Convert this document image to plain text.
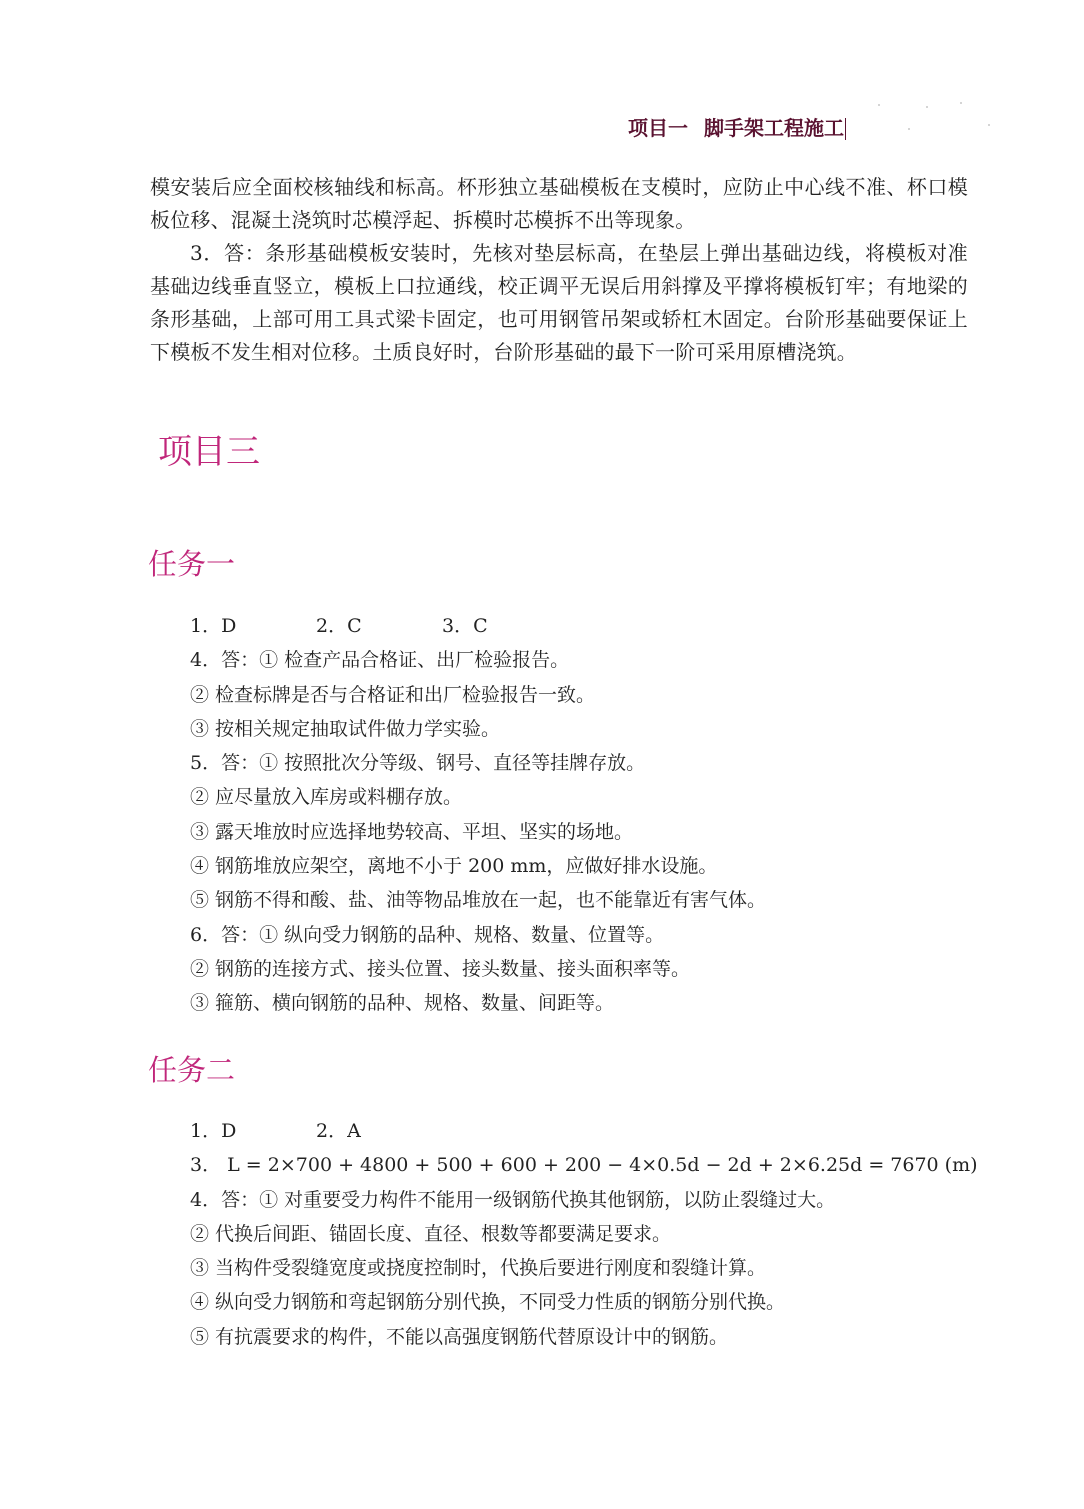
项目一 脚手架工程施工

模安装后应全面校核轴线和标高。杯形独立基础模板在支模时，应防止中心线不准、杯口模板位移、混凝土浇筑时芯模浮起、拆模时芯模拆不出等现象。

3．答：条形基础模板安装时，先核对垫层标高，在垫层上弹出基础边线，将模板对准基础边线垂直竖立，模板上口拉通线，校正调平无误后用斜撑及平撑将模板钉牢；有地梁的条形基础，上部可用工具式梁卡固定，也可用钢管吊架或轿杠木固定。台阶形基础要保证上下模板不发生相对位移。土质良好时，台阶形基础的最下一阶可采用原槽浇筑。

项目三
任务一
1．D	2．C	3．C
4．答：① 检查产品合格证、出厂检验报告。
② 检查标牌是否与合格证和出厂检验报告一致。
③ 按相关规定抽取试件做力学实验。
5．答：① 按照批次分等级、钢号、直径等挂牌存放。
② 应尽量放入库房或料棚存放。
③ 露天堆放时应选择地势较高、平坦、坚实的场地。
④ 钢筋堆放应架空，离地不小于 200 mm，应做好排水设施。
⑤ 钢筋不得和酸、盐、油等物品堆放在一起，也不能靠近有害气体。
6．答：① 纵向受力钢筋的品种、规格、数量、位置等。
② 钢筋的连接方式、接头位置、接头数量、接头面积率等。
③ 箍筋、横向钢筋的品种、规格、数量、间距等。
任务二
1．D	2．A
3． L = 2×700 + 4800 + 500 + 600 + 200 − 4×0.5d − 2d + 2×6.25d = 7670 (m)
4．答：① 对重要受力构件不能用一级钢筋代换其他钢筋，以防止裂缝过大。
② 代换后间距、锚固长度、直径、根数等都要满足要求。
③ 当构件受裂缝宽度或挠度控制时，代换后要进行刚度和裂缝计算。
④ 纵向受力钢筋和弯起钢筋分别代换，不同受力性质的钢筋分别代换。
⑤ 有抗震要求的构件，不能以高强度钢筋代替原设计中的钢筋。
